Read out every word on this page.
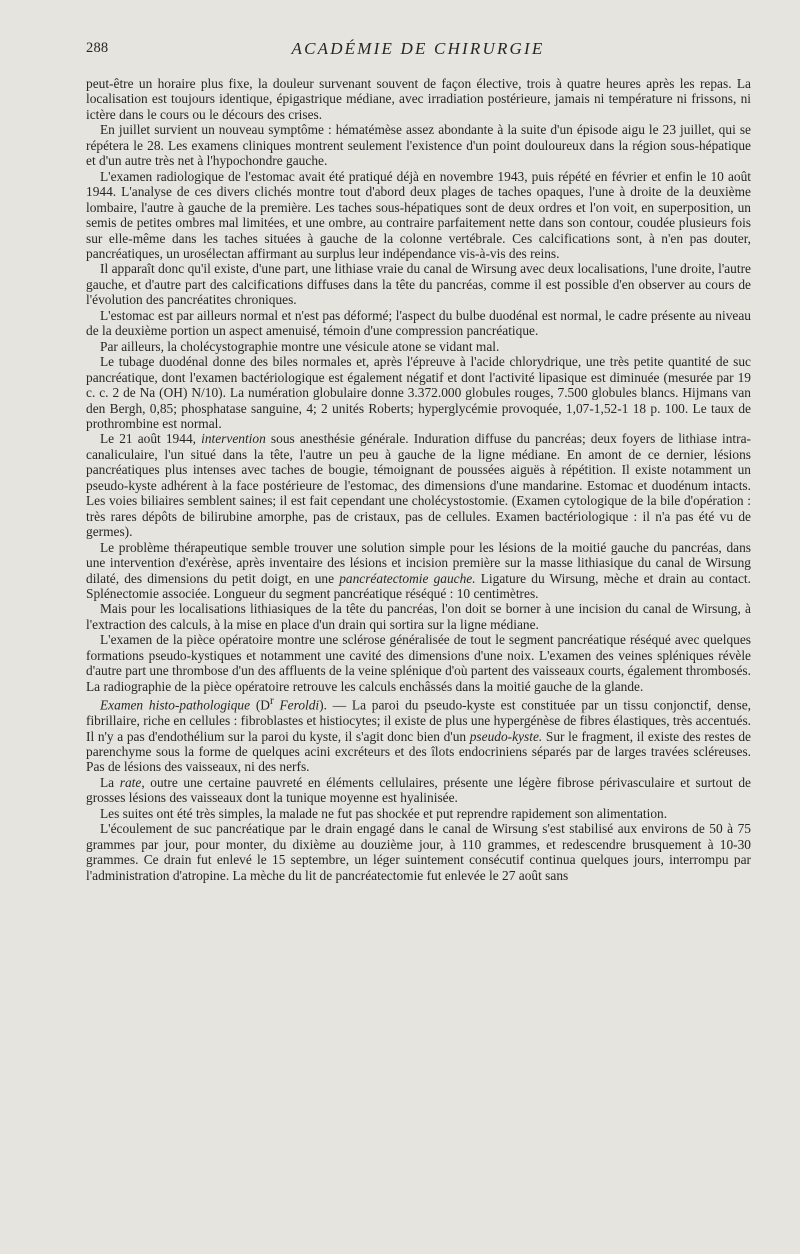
288	ACADÉMIE DE CHIRURGIE

peut-être un horaire plus fixe, la douleur survenant souvent de façon élective, trois à quatre heures après les repas. La localisation est toujours identique, épigastrique médiane, avec irradiation postérieure, jamais ni température ni frissons, ni ictère dans le cours ou le décours des crises.

En juillet survient un nouveau symptôme : hématémèse assez abondante à la suite d'un épisode aigu le 23 juillet, qui se répétera le 28. Les examens cliniques montrent seulement l'existence d'un point douloureux dans la région sous-hépatique et d'un autre très net à l'hypochondre gauche.

L'examen radiologique de l'estomac avait été pratiqué déjà en novembre 1943, puis répété en février et enfin le 10 août 1944. L'analyse de ces divers clichés montre tout d'abord deux plages de taches opaques, l'une à droite de la deuxième lombaire, l'autre à gauche de la première. Les taches sous-hépatiques sont de deux ordres et l'on voit, en superposition, un semis de petites ombres mal limitées, et une ombre, au contraire parfaitement nette dans son contour, coudée plusieurs fois sur elle-même dans les taches situées à gauche de la colonne vertébrale. Ces calcifications sont, à n'en pas douter, pancréatiques, un urosélectan affirmant au surplus leur indépendance vis-à-vis des reins.

Il apparaît donc qu'il existe, d'une part, une lithiase vraie du canal de Wirsung avec deux localisations, l'une droite, l'autre gauche, et d'autre part des calcifications diffuses dans la tête du pancréas, comme il est possible d'en observer au cours de l'évolution des pancréatites chroniques.

L'estomac est par ailleurs normal et n'est pas déformé; l'aspect du bulbe duodénal est normal, le cadre présente au niveau de la deuxième portion un aspect amenuisé, témoin d'une compression pancréatique.

Par ailleurs, la cholécystographie montre une vésicule atone se vidant mal.

Le tubage duodénal donne des biles normales et, après l'épreuve à l'acide chlorydrique, une très petite quantité de suc pancréatique, dont l'examen bactériologique est également négatif et dont l'activité lipasique est diminuée (mesurée par 19 c. c. 2 de Na (OH) N/10). La numération globulaire donne 3.372.000 globules rouges, 7.500 globules blancs. Hijmans van den Bergh, 0,85; phosphatase sanguine, 4; 2 unités Roberts; hyperglycémie provoquée, 1,07-1,52-1 18 p. 100. Le taux de prothrombine est normal.

Le 21 août 1944, intervention sous anesthésie générale. Induration diffuse du pancréas; deux foyers de lithiase intra-canaliculaire, l'un situé dans la tête, l'autre un peu à gauche de la ligne médiane. En amont de ce dernier, lésions pancréatiques plus intenses avec taches de bougie, témoignant de poussées aiguës à répétition. Il existe notamment un pseudo-kyste adhérent à la face postérieure de l'estomac, des dimensions d'une mandarine. Estomac et duodénum intacts. Les voies biliaires semblent saines; il est fait cependant une cholécystostomie. (Examen cytologique de la bile d'opération : très rares dépôts de bilirubine amorphe, pas de cristaux, pas de cellules. Examen bactériologique : il n'a pas été vu de germes).

Le problème thérapeutique semble trouver une solution simple pour les lésions de la moitié gauche du pancréas, dans une intervention d'exérèse, après inventaire des lésions et incision première sur la masse lithiasique du canal de Wirsung dilaté, des dimensions du petit doigt, en une pancréatectomie gauche. Ligature du Wirsung, mèche et drain au contact. Splénectomie associée. Longueur du segment pancréatique réséqué : 10 centimètres.

Mais pour les localisations lithiasiques de la tête du pancréas, l'on doit se borner à une incision du canal de Wirsung, à l'extraction des calculs, à la mise en place d'un drain qui sortira sur la ligne médiane.

L'examen de la pièce opératoire montre une sclérose généralisée de tout le segment pancréatique réséqué avec quelques formations pseudo-kystiques et notamment une cavité des dimensions d'une noix. L'examen des veines spléniques révèle d'autre part une thrombose d'un des affluents de la veine splénique d'où partent des vaisseaux courts, également thrombosés. La radiographie de la pièce opératoire retrouve les calculs enchâssés dans la moitié gauche de la glande.

Examen histo-pathologique ($D^r$ Feroldi). — La paroi du pseudo-kyste est constituée par un tissu conjonctif, dense, fibrillaire, riche en cellules : fibroblastes et histiocytes; il existe de plus une hypergénèse de fibres élastiques, très accentués. Il n'y a pas d'endothélium sur la paroi du kyste, il s'agit donc bien d'un pseudo-kyste. Sur le fragment, il existe des restes de parenchyme sous la forme de quelques acini excréteurs et des îlots endocriniens séparés par de larges travées scléreuses. Pas de lésions des vaisseaux, ni des nerfs.

La rate, outre une certaine pauvreté en éléments cellulaires, présente une légère fibrose périvasculaire et surtout de grosses lésions des vaisseaux dont la tunique moyenne est hyalinisée.

Les suites ont été très simples, la malade ne fut pas shockée et put reprendre rapidement son alimentation.

L'écoulement de suc pancréatique par le drain engagé dans le canal de Wirsung s'est stabilisé aux environs de 50 à 75 grammes par jour, pour monter, du dixième au douzième jour, à 110 grammes, et redescendre brusquement à 10-30 grammes. Ce drain fut enlevé le 15 septembre, un léger suintement consécutif continua quelques jours, interrompu par l'administration d'atropine. La mèche du lit de pancréatectomie fut enlevée le 27 août sans
